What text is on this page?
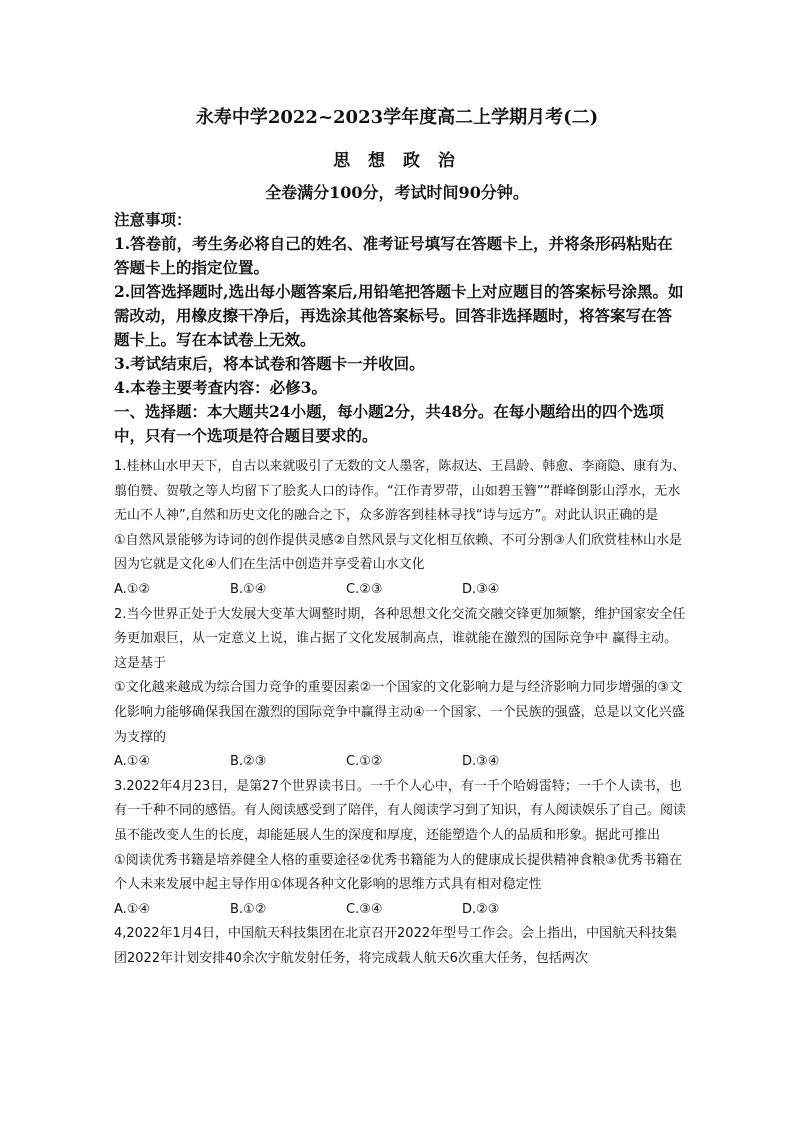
永寿中学2022~2023学年度高二上学期月考(二)
思 想 政 治
全卷满分100分，考试时间90分钟。

注意事项：

1.答卷前，考生务必将自己的姓名、准考证号填写在答题卡上，并将条形码粘贴在答题卡上的指定位置。

2.回答选择题时,选出每小题答案后,用铅笔把答题卡上对应题目的答案标号涂黑。如需改动，用橡皮擦干净后，再选涂其他答案标号。回答非选择题时，将答案写在答题卡上。写在本试卷上无效。

3.考试结束后，将本试卷和答题卡一并收回。

4.本卷主要考查内容：必修3。

一、选择题：本大题共24小题，每小题2分，共48分。在每小题给出的四个选项中，只有一个选项是符合题目要求的。

1.桂林山水甲天下，自古以来就吸引了无数的文人墨客，陈叔达、王昌龄、韩愈、李商隐、康有为、翦伯赞、贺敬之等人均留下了脍炙人口的诗作。“江作青罗带，山如碧玉簪”“群峰倒影山浮水，无水无山不人神”,自然和历史文化的融合之下，众多游客到桂林寻找“诗与远方”。对此认识正确的是

①自然风景能够为诗词的创作提供灵感②自然风景与文化相互依赖、不可分割③人们欣赏桂林山水是因为它就是文化④人们在生活中创造并享受着山水文化

A.①②	B.①④	C.②③	D.③④

2.当今世界正处于大发展大变革大调整时期，各种思想文化交流交融交锋更加频繁，维护国家安全任务更加艰巨，从一定意义上说，谁占据了文化发展制高点，谁就能在激烈的国际竞争中 赢得主动。这是基于

①文化越来越成为综合国力竞争的重要因素②一个国家的文化影响力是与经济影响力同步增强的③文化影响力能够确保我国在激烈的国际竞争中赢得主动④一个国家、一个民族的强盛，总是以文化兴盛为支撑的

A.①④	B.②③	C.①②	D.③④

3.2022年4月23日，是第27个世界读书日。一千个人心中，有一千个哈姆雷特；一千个人读书，也有一千种不同的感悟。有人阅读感受到了陪伴，有人阅读学习到了知识，有人阅读娱乐了自己。阅读虽不能改变人生的长度，却能延展人生的深度和厚度，还能塑造个人的品质和形象。据此可推出

①阅读优秀书籍是培养健全人格的重要途径②优秀书籍能为人的健康成长提供精神食粮③优秀书籍在个人未来发展中起主导作用①体现各种文化影响的思维方式具有相对稳定性

A.①④	B.①②	C.③④	D.②③

4,2022年1月4日，中国航天科技集团在北京召开2022年型号工作会。会上指出，中国航天科技集团2022年计划安排40余次宇航发射任务，将完成载人航天6次重大任务，包括两次
